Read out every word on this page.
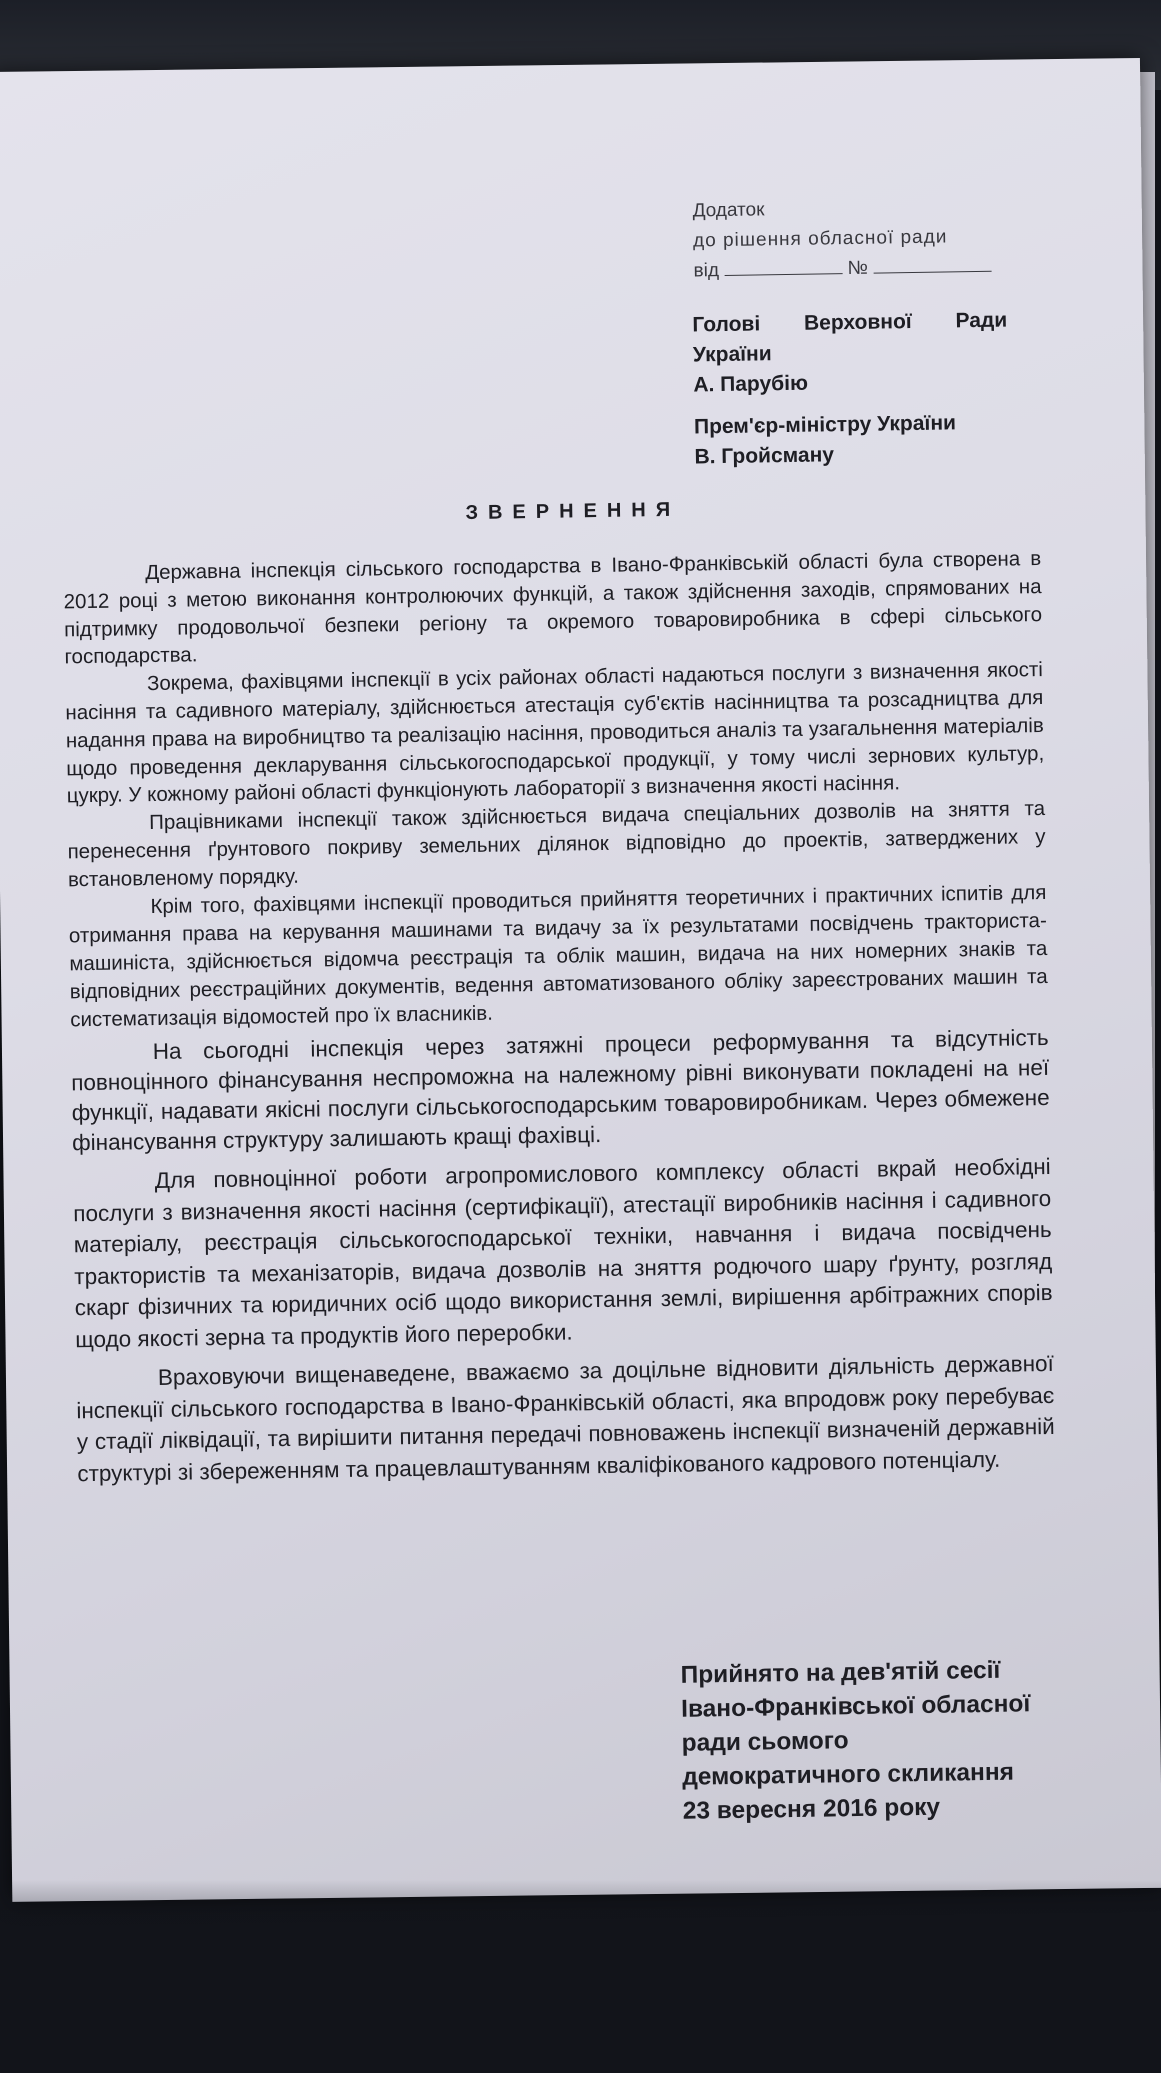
Додаток
до рішення обласної ради
від	№
Голові Верховної Ради
України
А. Парубію
Прем'єр-міністру України
В. Гройсману
ЗВЕРНЕННЯ

Державна інспекція сільського господарства в Івано-Франківській області була створена в 2012 році з метою виконання контролюючих функцій, а також здійснення заходів, спрямованих на підтримку продовольчої безпеки регіону та окремого товаровиробника в сфері сільського господарства.

Зокрема, фахівцями інспекції в усіх районах області надаються послуги з визначення якості насіння та садивного матеріалу, здійснюється атестація суб'єктів насінництва та розсадництва для надання права на виробництво та реалізацію насіння, проводиться аналіз та узагальнення матеріалів щодо проведення декларування сільськогосподарської продукції, у тому числі зернових культур, цукру. У кожному районі області функціонують лабораторії з визначення якості насіння.

Працівниками інспекції також здійснюється видача спеціальних дозволів на зняття та перенесення ґрунтового покриву земельних ділянок відповідно до проектів, затверджених у встановленому порядку.

Крім того, фахівцями інспекції проводиться прийняття теоретичних і практичних іспитів для отримання права на керування машинами та видачу за їх результатами посвідчень тракториста-машиніста, здійснюється відомча реєстрація та облік машин, видача на них номерних знаків та відповідних реєстраційних документів, ведення автоматизованого обліку зареєстрованих машин та систематизація відомостей про їх власників.

На сьогодні інспекція через затяжні процеси реформування та відсутність повноцінного фінансування неспроможна на належному рівні виконувати покладені на неї функції, надавати якісні послуги сільськогосподарським товаровиробникам. Через обмежене фінансування структуру залишають кращі фахівці.

Для повноцінної роботи агропромислового комплексу області вкрай необхідні послуги з визначення якості насіння (сертифікації), атестації виробників насіння і садивного матеріалу, реєстрація сільськогосподарської техніки, навчання і видача посвідчень трактористів та механізаторів, видача дозволів на зняття родючого шару ґрунту, розгляд скарг фізичних та юридичних осіб щодо використання землі, вирішення арбітражних спорів щодо якості зерна та продуктів його переробки.

Враховуючи вищенаведене, вважаємо за доцільне відновити діяльність державної інспекції сільського господарства в Івано-Франківській області, яка впродовж року перебуває у стадії ліквідації, та вирішити питання передачі повноважень інспекції визначеній державній структурі зі збереженням та працевлаштуванням кваліфікованого кадрового потенціалу.

Прийнято на дев'ятій сесії
Івано-Франківської обласної
ради сьомого
демократичного скликання
23 вересня 2016 року
